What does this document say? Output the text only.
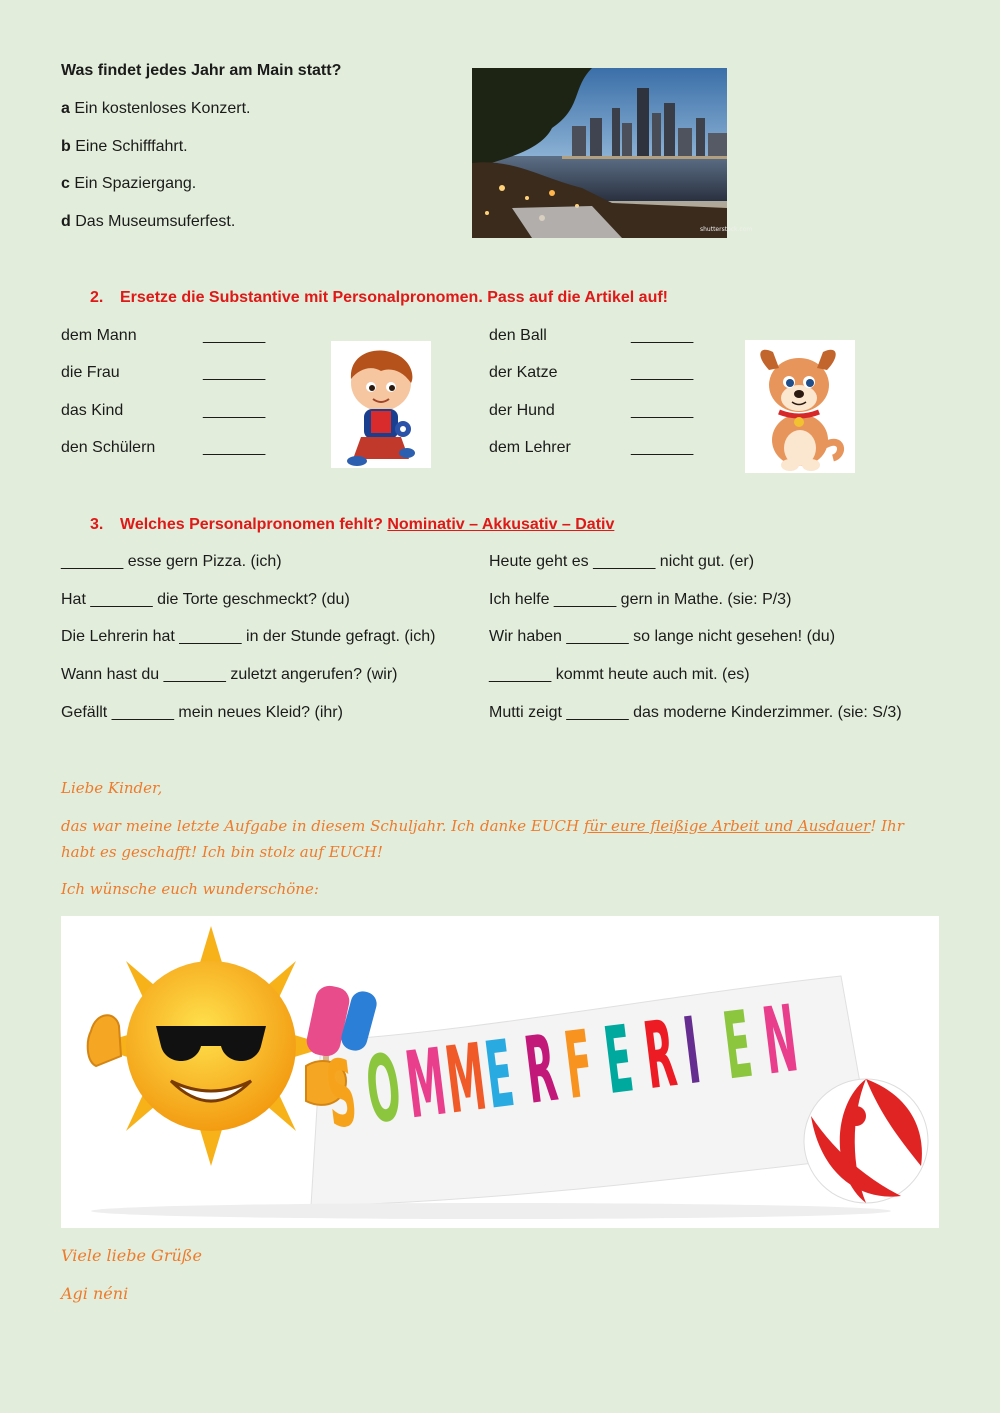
Was findet jedes Jahr am Main statt?
a Ein kostenloses Konzert.
b Eine Schifffahrt.
c Ein Spaziergang.
d Das Museumsuferfest.	shutterstock.com
2. Ersetze die Substantive mit Personalpronomen. Pass auf die Artikel auf!
dem Mann
die Frau
das Kind
den Schülern
_______
_______
_______
_______
den Ball
der Katze
der Hund
dem Lehrer
_______
_______
_______
_______
3. Welches Personalpronomen fehlt? Nominativ – Akkusativ – Dativ
_______ esse gern Pizza. (ich)
Hat _______ die Torte geschmeckt? (du)
Die Lehrerin hat _______ in der Stunde gefragt. (ich)
Wann hast du _______ zuletzt angerufen? (wir)
Gefällt _______ mein neues Kleid? (ihr)
Heute geht es _______ nicht gut. (er)
Ich helfe _______ gern in Mathe. (sie: P/3)
Wir haben _______ so lange nicht gesehen! (du)
_______ kommt heute auch mit. (es)
Mutti zeigt _______ das moderne Kinderzimmer. (sie: S/3)
Liebe Kinder,
das war meine letzte Aufgabe in diesem Schuljahr. Ich danke EUCH für eure fleißige Arbeit und Ausdauer! Ihr
habt es geschafft! Ich bin stolz auf EUCH!
Ich wünsche euch wunderschöne:
SOMMERFERI EN
Viele liebe Grüße
Agi néni
